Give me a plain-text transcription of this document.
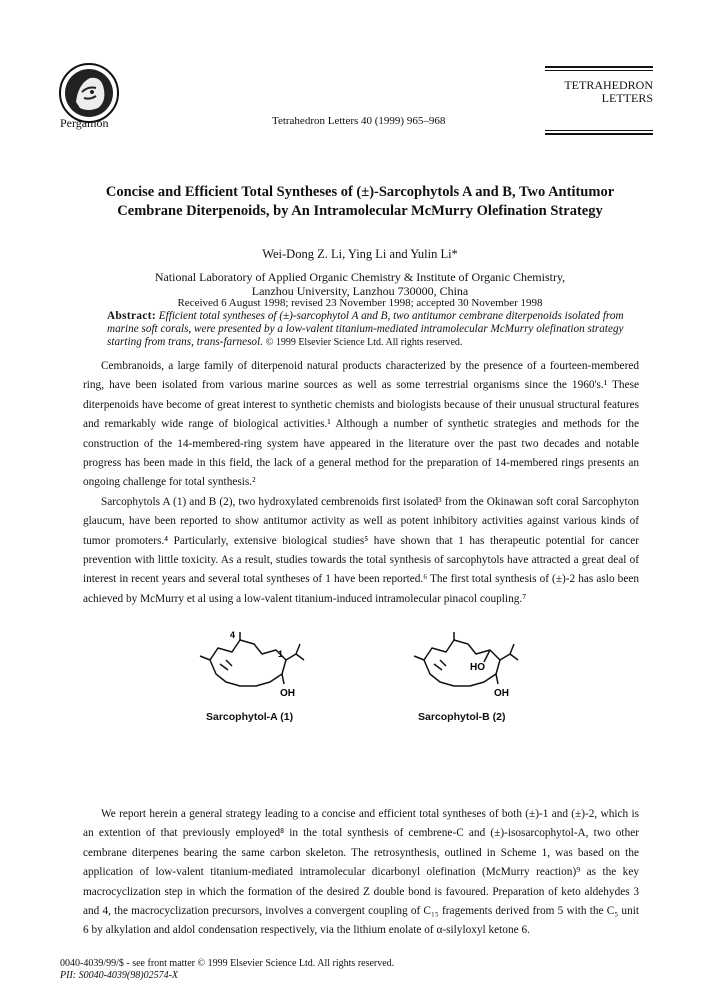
Pergamon	Tetrahedron Letters 40 (1999) 965–968
TETRAHEDRON
LETTERS
Concise and Efficient Total Syntheses of (±)-Sarcophytols A and B, Two Antitumor Cembrane Diterpenoids, by An Intramolecular McMurry Olefination Strategy
Wei-Dong Z. Li, Ying Li and Yulin Li*
National Laboratory of Applied Organic Chemistry & Institute of Organic Chemistry,
Lanzhou University, Lanzhou 730000, China
Received 6 August 1998; revised 23 November 1998; accepted 30 November 1998
Abstract: Efficient total syntheses of (±)-sarcophytol A and B, two antitumor cembrane diterpenoids isolated from marine soft corals, were presented by a low-valent titanium-mediated intramolecular McMurry olefination strategy starting from trans, trans-farnesol. © 1999 Elsevier Science Ltd. All rights reserved.

Cembranoids, a large family of diterpenoid natural products characterized by the presence of a fourteen-membered ring, have been isolated from various marine sources as well as some terrestrial organisms since the 1960's.¹ These diterpenoids have become of great interest to synthetic chemists and biologists because of their unusual structural features and remarkably wide range of biological activities.¹ Although a number of synthetic strategies and methods for the construction of the 14-membered-ring system have appeared in the literature over the past two decades and notable progress has been made in this field, the lack of a general method for the preparation of 14-membered rings presents an ongoing challenge for total synthesis.²

Sarcophytols A (1) and B (2), two hydroxylated cembrenoids first isolated³ from the Okinawan soft coral Sarcophyton glaucum, have been reported to show antitumor activity as well as potent inhibitory activities against various kinds of tumor promoters.⁴ Particularly, extensive biological studies⁵ have shown that 1 has therapeutic potential for cancer prevention with little toxicity. As a result, studies towards the total synthesis of sarcophytols have attracted a great deal of interest in recent years and several total syntheses of 1 have been reported.⁶ The first total synthesis of (±)-2 has aslo been achieved by McMurry et al using a low-valent titanium-induced intramolecular pinacol coupling.⁷

4
1
OH
Sarcophytol-A (1)
HO
OH
Sarcophytol-B (2)

We report herein a general strategy leading to a concise and efficient total syntheses of both (±)-1 and (±)-2, which is an extention of that previously employed⁸ in the total synthesis of cembrene-C and (±)-isosarcophytol-A, two other cembrane diterpenes bearing the same carbon skeleton. The retrosynthesis, outlined in Scheme 1, was based on the application of low-valent titanium-mediated intramolecular dicarbonyl olefination (McMurry reaction)⁹ as the key macrocyclization step in which the formation of the desired Z double bond is favoured. Preparation of keto aldehydes 3 and 4, the macrocyclization precursors, involves a convergent coupling of C₁₅ fragements derived from 5 with the C₅ unit 6 by alkylation and aldol condensation respectively, via the lithium enolate of α-silyloxyl ketone 6.

0040-4039/99/$ - see front matter © 1999 Elsevier Science Ltd. All rights reserved.
PII: S0040-4039(98)02574-X
